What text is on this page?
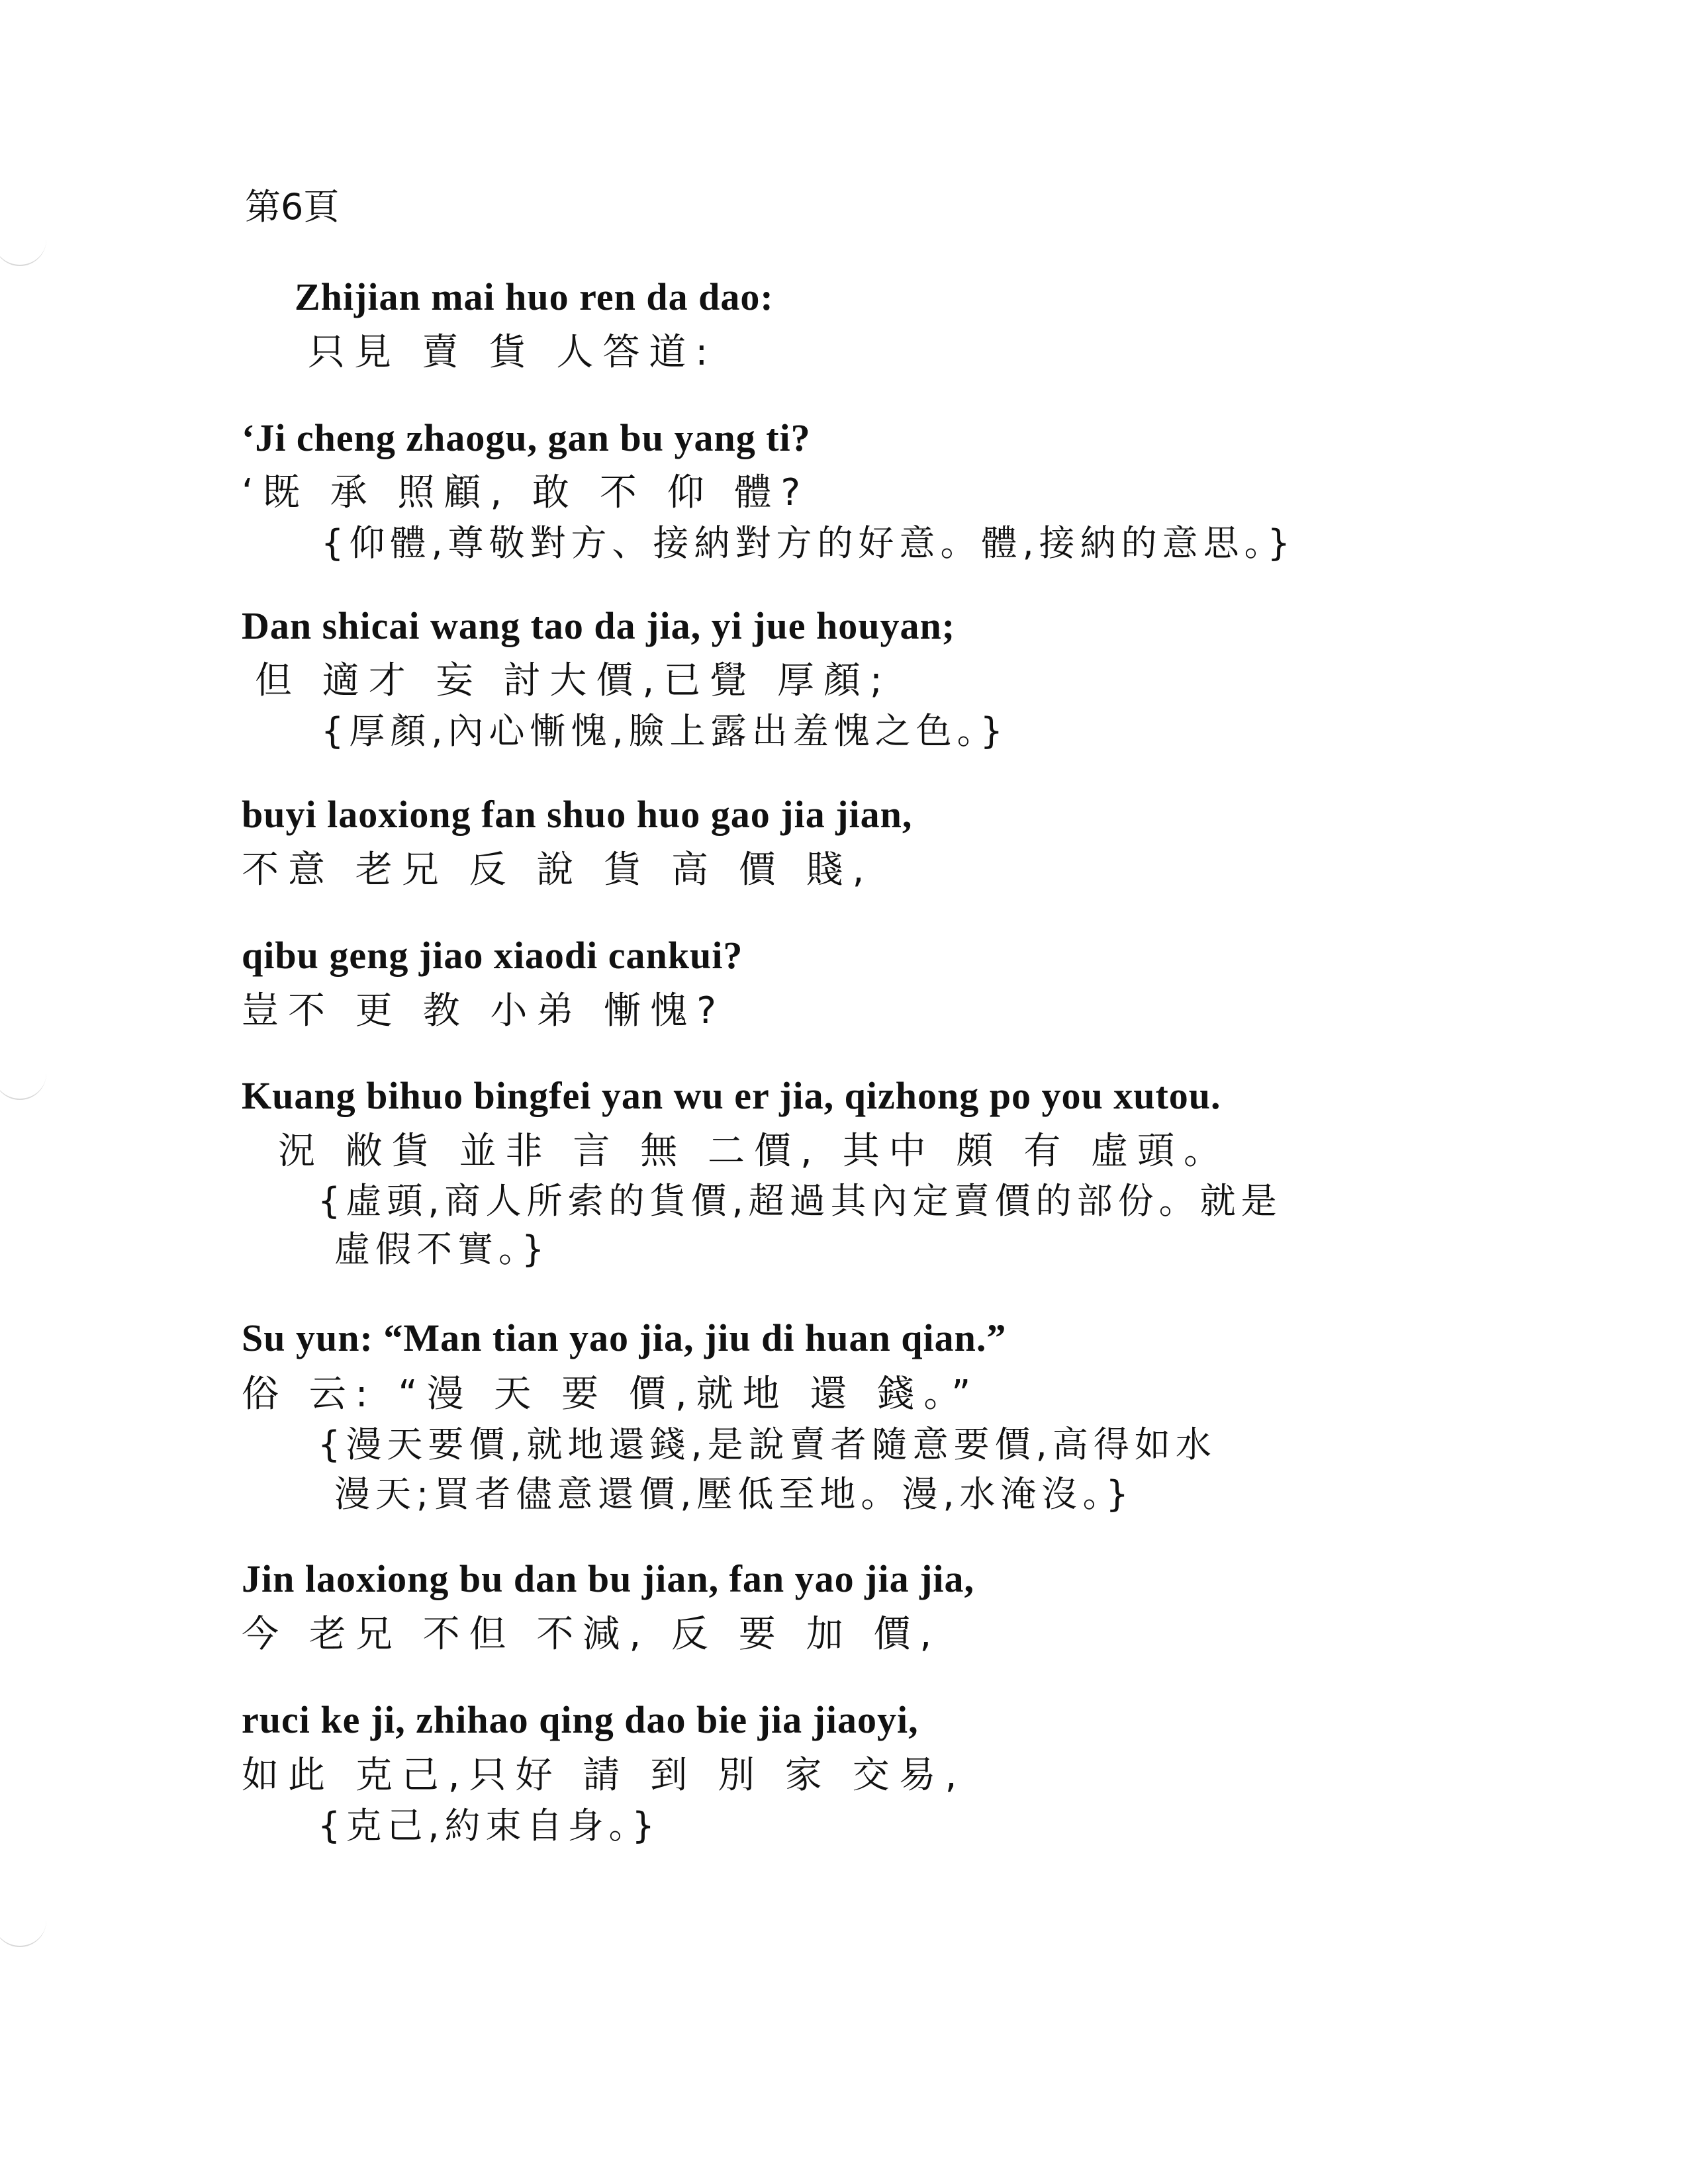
第6頁
Zhijian mai huo ren da dao:
只見 賣 貨 人答道:
‘Ji cheng zhaogu, gan bu yang ti?
‘既 承 照顧, 敢 不 仰 體?
{仰體,尊敬對方、接納對方的好意。體,接納的意思。}
Dan shicai wang tao da jia, yi jue houyan;
但 適才 妄 討大價,已覺 厚顏;
{厚顏,內心慚愧,臉上露出羞愧之色。}
buyi laoxiong fan shuo huo gao jia jian,
不意 老兄 反 說 貨 高 價 賤,
qibu geng jiao xiaodi cankui?
豈不 更 教 小弟 慚愧?
Kuang bihuo bingfei yan wu er jia, qizhong po you xutou.
況 敝貨 並非 言 無 二價, 其中 頗 有 虛頭。
{虛頭,商人所索的貨價,超過其內定賣價的部份。就是
虛假不實。}
Su yun: “Man tian yao jia, jiu di huan qian.”
俗 云: “漫 天 要 價,就地 還 錢。”
{漫天要價,就地還錢,是說賣者隨意要價,高得如水
漫天;買者儘意還價,壓低至地。漫,水淹沒。}
Jin laoxiong bu dan bu jian, fan yao jia jia,
今 老兄 不但 不減, 反 要 加 價,
ruci ke ji, zhihao qing dao bie jia jiaoyi,
如此 克己,只好 請 到 別 家 交易,
{克己,約束自身。}
